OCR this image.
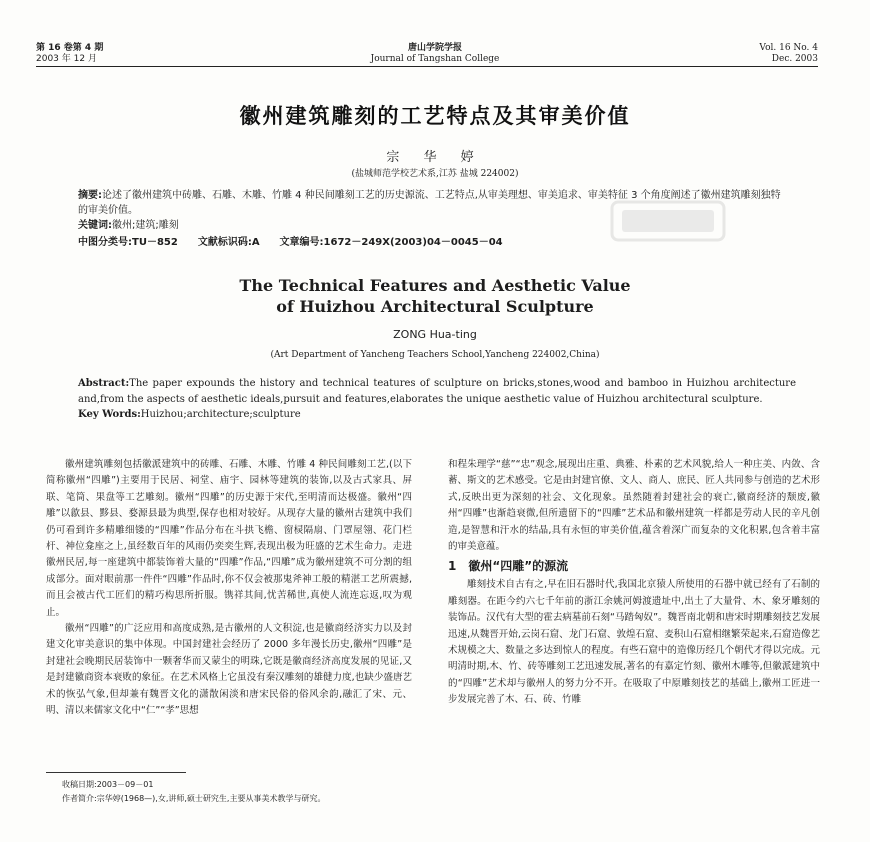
第 16 卷第 4 期
2003 年 12 月
唐山学院学报
Journal of Tangshan College
Vol. 16 No. 4
Dec. 2003
徽州建筑雕刻的工艺特点及其审美价值
宗 华 婷
(盐城师范学校艺术系,江苏 盐城 224002)
摘要:论述了徽州建筑中砖雕、石雕、木雕、竹雕 4 种民间雕刻工艺的历史源流、工艺特点,从审美理想、审美追求、审美特征 3 个角度阐述了徽州建筑雕刻独特的审美价值。
关键词:徽州;建筑;雕刻
中图分类号:TU－852　　文献标识码:A　　文章编号:1672－249X(2003)04－0045－04
The Technical Features and Aesthetic Value
of Huizhou Architectural Sculpture
ZONG Hua-ting
(Art Department of Yancheng Teachers School,Yancheng 224002,China)
Abstract:The paper expounds the history and technical teatures of sculpture on bricks,stones,wood and bamboo in Huizhou architecture and,from the aspects of aesthetic ideals,pursuit and features,elaborates the unique aesthetic value of Huizhou architectural sculpture.
Key Words:Huizhou;architecture;sculpture

徽州建筑雕刻包括徽派建筑中的砖雕、石雕、木雕、竹雕 4 种民间雕刻工艺,(以下简称徽州“四雕”)主要用于民居、祠堂、庙宇、园林等建筑的装饰,以及古式家具、屏联、笔筒、果盘等工艺雕刻。徽州“四雕”的历史源于宋代,至明清而达极盛。徽州“四雕”以歙县、黟县、婺源县最为典型,保存也相对较好。从现存大量的徽州古建筑中我们仍可看到许多精雕细镂的“四雕”作品分布在斗拱飞檐、窗棂隔扇、门罩屋翎、花门栏杆、神位龛座之上,虽经数百年的风雨仍奕奕生辉,表现出极为旺盛的艺术生命力。走进徽州民居,每一座建筑中都装饰着大量的“四雕”作品,“四雕”成为徽州建筑不可分割的组成部分。面对眼前那一件件“四雕”作品时,你不仅会被那鬼斧神工般的精湛工艺所震撼,而且会被古代工匠们的精巧构思所折服。镌祥其间,忧苦稀世,真使人流连忘返,叹为观止。

徽州“四雕”的广泛应用和高度成熟,是古徽州的人文积淀,也是徽商经济实力以及封建文化审美意识的集中体现。中国封建社会经历了 2000 多年漫长历史,徽州“四雕”是封建社会晚期民居装饰中一颗奢华而又蒙尘的明珠,它既是徽商经济高度发展的见证,又是封建徽商资本衰败的象征。在艺术风格上它虽没有秦汉雕刻的雄健力度,也缺少盛唐艺术的恢弘气象,但却兼有魏晋文化的潇散闲淡和唐宋民俗的俗风余韵,融汇了宋、元、明、清以来儒家文化中“仁”“孝”思想

和程朱理学“慈”“忠”观念,展现出庄重、典雅、朴素的艺术风貌,给人一种庄美、内敛、含蓄、斯文的艺术感受。它是由封建官僚、文人、商人、庶民、匠人共同参与创造的艺术形式,反映出更为深刻的社会、文化现象。虽然随着封建社会的衰亡,徽商经济的颓废,徽州“四雕”也渐趋衰微,但所遗留下的“四雕”艺术品和徽州建筑一样都是劳动人民的辛凡创造,是智慧和汗水的结晶,具有永恒的审美价值,蕴含着深广而复杂的文化积累,包含着丰富的审美意蕴。

1　徽州“四雕”的源流

雕刻技术自古有之,早在旧石器时代,我国北京猿人所使用的石器中就已经有了石制的雕刻器。在距今约六七千年前的浙江余姚河姆渡遗址中,出土了大量骨、木、象牙雕刻的装饰品。汉代有大型的霍去病墓前石刻“马踏匈奴”。魏晋南北朝和唐宋时期雕刻技艺发展迅速,从魏晋开始,云岗石窟、龙门石窟、敦煌石窟、麦积山石窟相继繁荣起来,石窟造像艺术规模之大、数量之多达到惊人的程度。有些石窟中的造像历经几个朝代才得以完成。元明清时期,木、竹、砖等雕刻工艺迅速发展,著名的有嘉定竹刻、徽州木雕等,但徽派建筑中的“四雕”艺术却与徽州人的努力分不开。在吸取了中原雕刻技艺的基础上,徽州工匠进一步发展完善了木、石、砖、竹雕

收稿日期:2003－09－01
作者简介:宗华婷(1968—),女,讲师,硕士研究生,主要从事美术教学与研究。
